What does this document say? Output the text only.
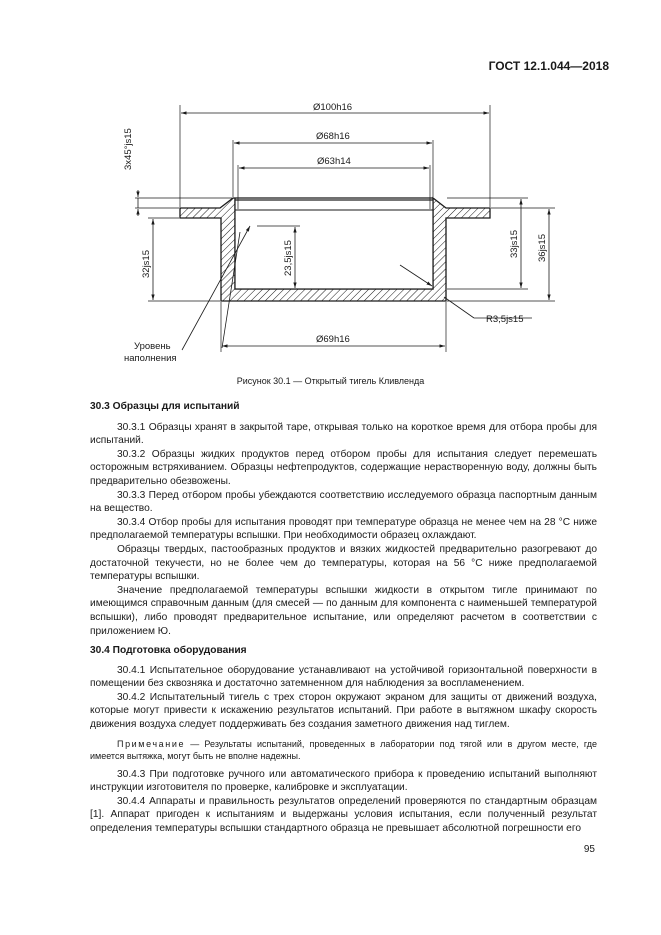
ГОСТ 12.1.044—2018
Ø100h16
Ø68h16
Ø63h14
Ø69h16
3х45°js15
32js15	23,5js15	33js15 36js15
R3,5js15
Уровень
наполнения
Рисунок 30.1 — Открытый тигель Кливленда
30.3 Образцы для испытаний

30.3.1 Образцы хранят в закрытой таре, открывая только на короткое время для отбора пробы для испытаний.

30.3.2 Образцы жидких продуктов перед отбором пробы для испытания следует перемешать осторожным встряхиванием. Образцы нефтепродуктов, содержащие нерастворенную воду, должны быть предварительно обезвожены.

30.3.3 Перед отбором пробы убеждаются соответствию исследуемого образца паспортным данным на вещество.

30.3.4 Отбор пробы для испытания проводят при температуре образца не менее чем на 28 °С ниже предполагаемой температуры вспышки. При необходимости образец охлаждают.

Образцы твердых, пастообразных продуктов и вязких жидкостей предварительно разогревают до достаточной текучести, но не более чем до температуры, которая на 56 °С ниже предполагаемой температуры вспышки.

Значение предполагаемой температуры вспышки жидкости в открытом тигле принимают по имеющимся справочным данным (для смесей — по данным для компонента с наименьшей температурой вспышки), либо проводят предварительное испытание, или определяют расчетом в соответствии с приложением Ю.

30.4 Подготовка оборудования

30.4.1 Испытательное оборудование устанавливают на устойчивой горизонтальной поверхности в помещении без сквозняка и достаточно затемненном для наблюдения за воспламенением.

30.4.2 Испытательный тигель с трех сторон окружают экраном для защиты от движений воздуха, которые могут привести к искажению результатов испытаний. При работе в вытяжном шкафу скорость движения воздуха следует поддерживать без создания заметного движения над тиглем.

Примечание — Результаты испытаний, проведенных в лаборатории под тягой или в другом месте, где имеется вытяжка, могут быть не вполне надежны.

30.4.3 При подготовке ручного или автоматического прибора к проведению испытаний выполняют инструкции изготовителя по проверке, калибровке и эксплуатации.

30.4.4 Аппараты и правильность результатов определений проверяются по стандартным образцам [1]. Аппарат пригоден к испытаниям и выдержаны условия испытания, если полученный результат определения температуры вспышки стандартного образца не превышает абсолютной погрешности его

95
